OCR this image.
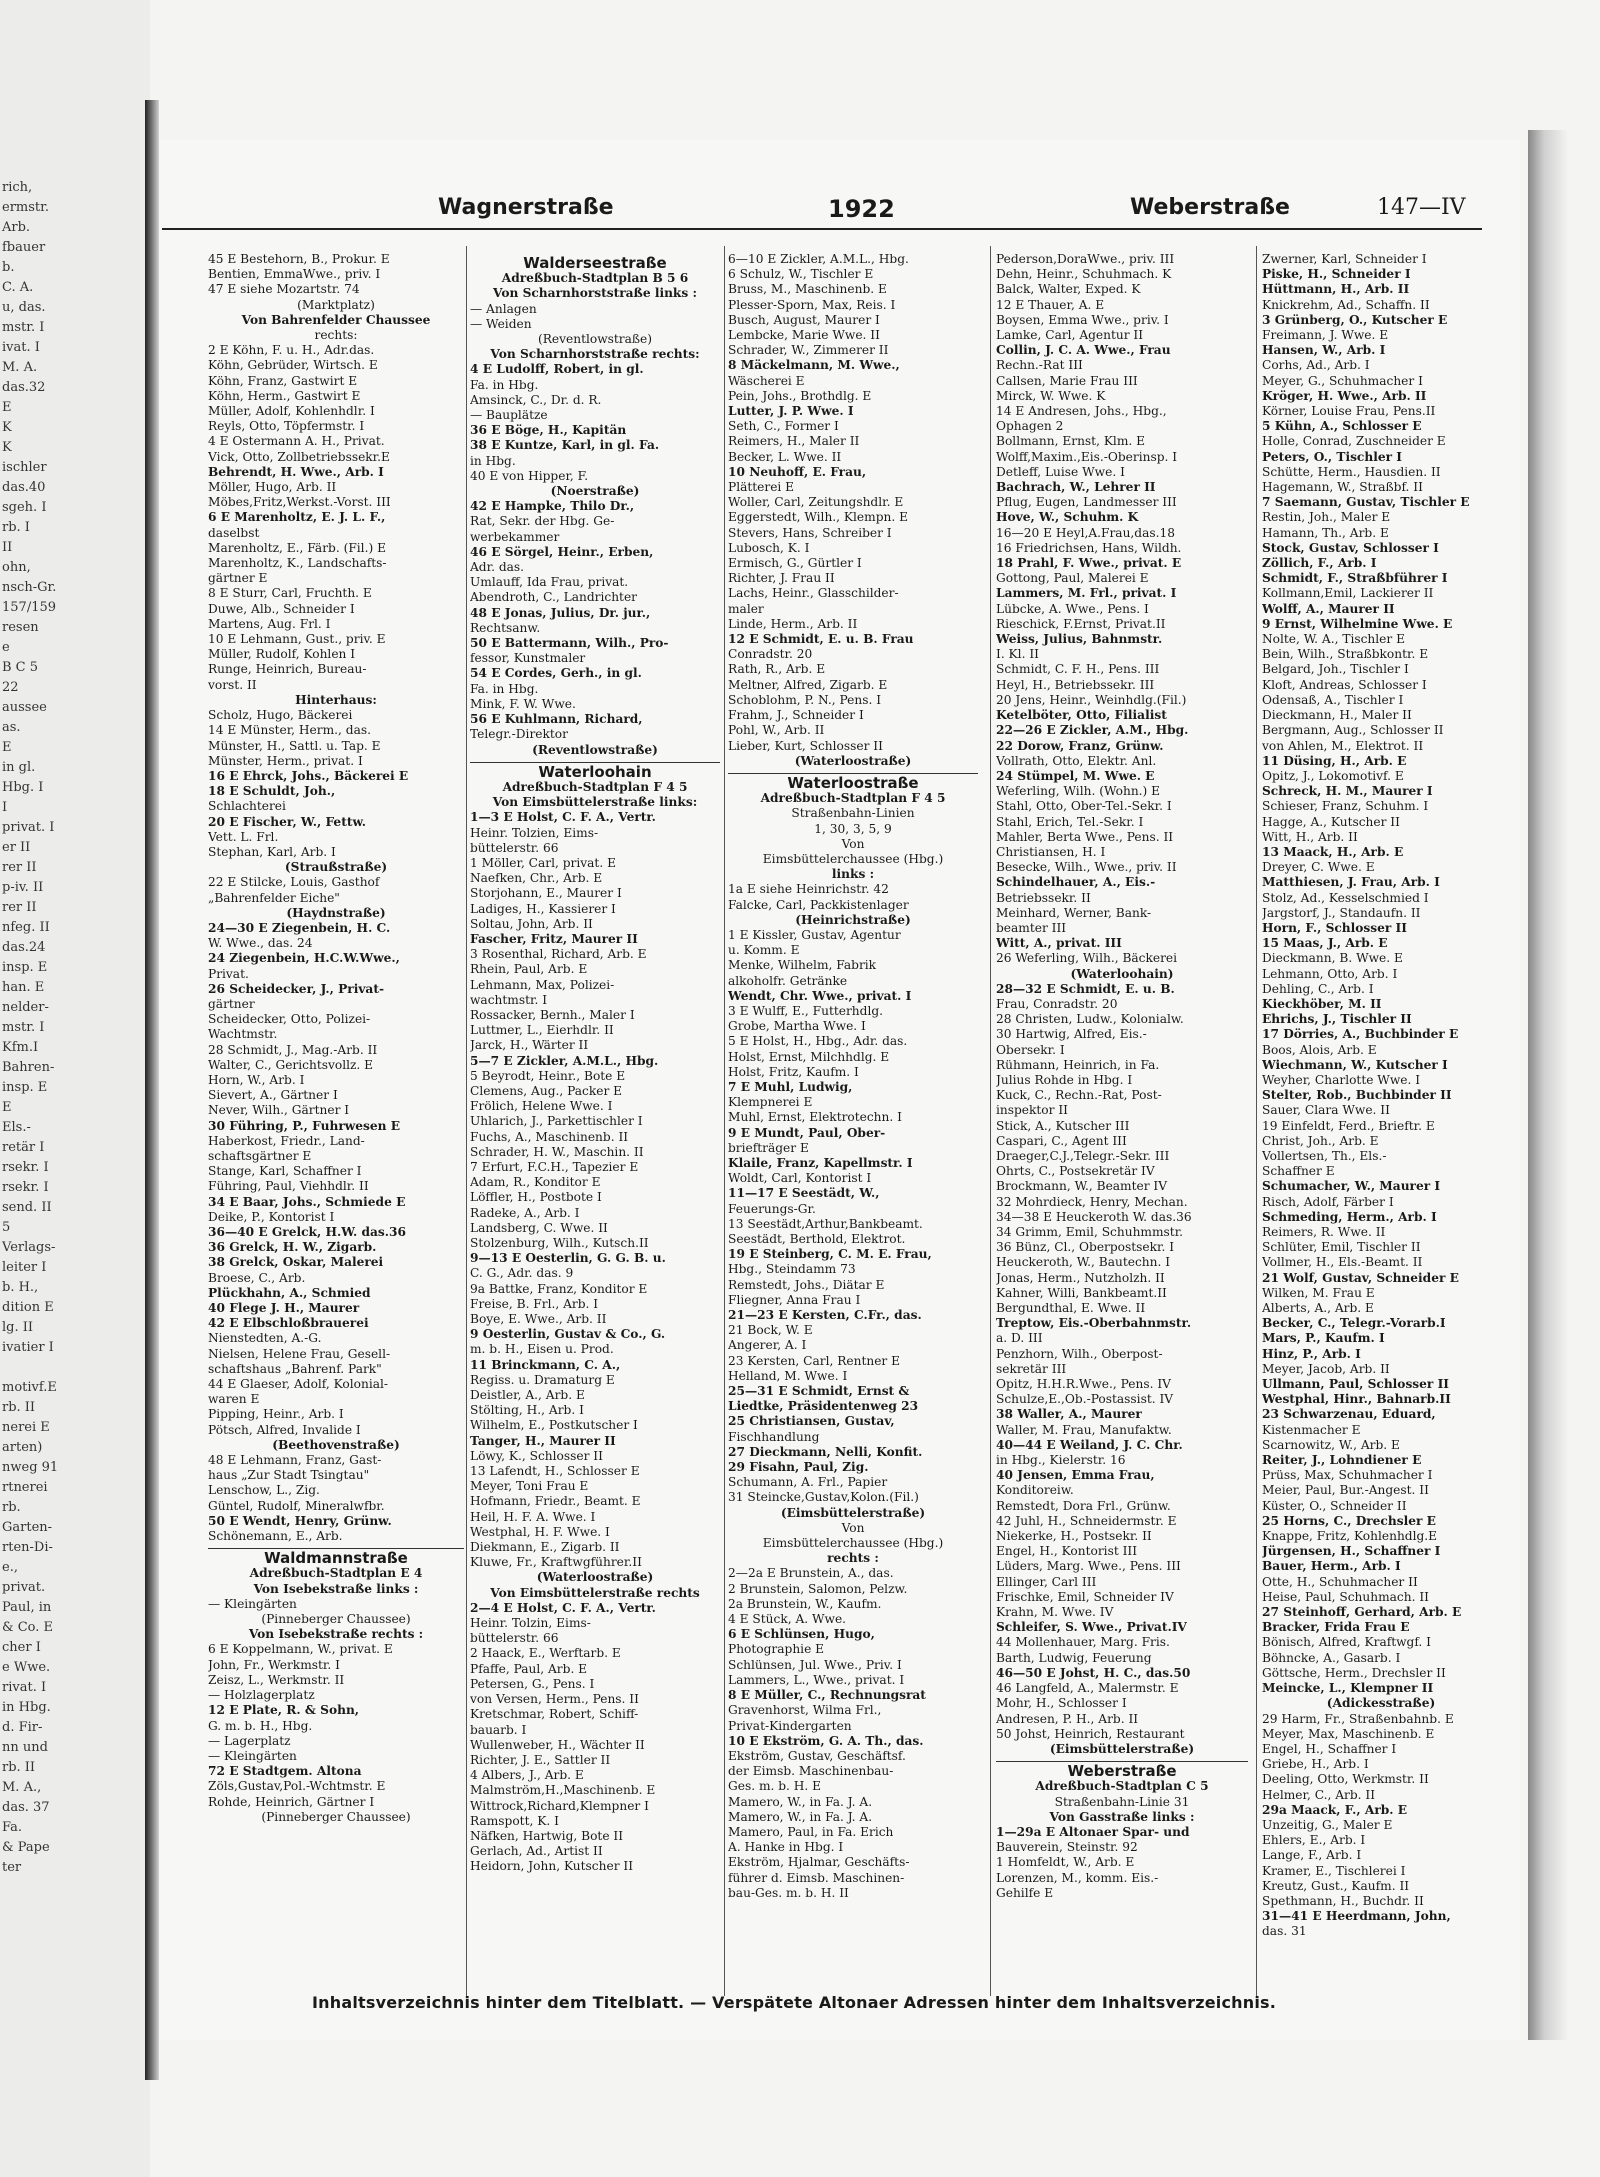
rich,
ermstr.
Arb.
fbauer
b.
C. A.
u, das.
mstr. I
ivat. I
M. A.
das.32
E
K
K
ischler
das.40
sgeh. I
rb. I
II
ohn,
nsch-Gr.
157/159
resen
e
B C 5
22
aussee
as.
E
in gl.
Hbg. I
I
privat. I
er II
rer II
p-iv. II
rer II
nfeg. II
das.24
insp. E
han. E
nelder-
mstr. I
Kfm.I
Bahren-
insp. E
E
Els.-
retär I
rsekr. I
rsekr. I
send. II
5
Verlags-
leiter I
b. H.,
dition E
lg. II
ivatier I
motivf.E
rb. II
nerei E
arten)
nweg 91
rtnerei
rb.
Garten-
rten-Di-
e.,
privat.
Paul, in
& Co. E
cher I
e Wwe.
rivat. I
in Hbg.
d. Fir-
nn und
rb. II
M. A.,
das. 37
Fa.
& Pape
ter
Wagnerstraße	1922	Weberstraße	147—IV
45 E Bestehorn, B., Prokur. E
Bentien, EmmaWwe., priv. I
47 E siehe Mozartstr. 74
(Marktplatz)
Von Bahrenfelder Chaussee
rechts:
2 E Köhn, F. u. H., Adr.das.
Köhn, Gebrüder, Wirtsch. E
Köhn, Franz, Gastwirt E
Köhn, Herm., Gastwirt E
Müller, Adolf, Kohlenhdlr. I
Reyls, Otto, Töpfermstr. I
4 E Ostermann A. H., Privat.
Vick, Otto, Zollbetriebssekr.E
Behrendt, H. Wwe., Arb. I
Möller, Hugo, Arb. II
Möbes,Fritz,Werkst.-Vorst. III
6 E Marenholtz, E. J. L. F.,
daselbst
Marenholtz, E., Färb. (Fil.) E
Marenholtz, K., Landschafts-
gärtner E
8 E Sturr, Carl, Fruchth. E
Duwe, Alb., Schneider I
Martens, Aug. Frl. I
10 E Lehmann, Gust., priv. E
Müller, Rudolf, Kohlen I
Runge, Heinrich, Bureau-
vorst. II
Hinterhaus:
Scholz, Hugo, Bäckerei
14 E Münster, Herm., das.
Münster, H., Sattl. u. Tap. E
Münster, Herm., privat. I
16 E Ehrck, Johs., Bäckerei E
18 E Schuldt, Joh.,
Schlachterei
20 E Fischer, W., Fettw.
Vett. L. Frl.
Stephan, Karl, Arb. I
(Straußstraße)
22 E Stilcke, Louis, Gasthof
„Bahrenfelder Eiche"
(Haydnstraße)
24—30 E Ziegenbein, H. C.
W. Wwe., das. 24
24 Ziegenbein, H.C.W.Wwe.,
Privat.
26 Scheidecker, J., Privat-
gärtner
Scheidecker, Otto, Polizei-
Wachtmstr.
28 Schmidt, J., Mag.-Arb. II
Walter, C., Gerichtsvollz. E
Horn, W., Arb. I
Sievert, A., Gärtner I
Never, Wilh., Gärtner I
30 Führing, P., Fuhrwesen E
Haberkost, Friedr., Land-
schaftsgärtner E
Stange, Karl, Schaffner I
Führing, Paul, Viehhdlr. II
34 E Baar, Johs., Schmiede E
Deike, P., Kontorist I
36—40 E Grelck, H.W. das.36
36 Grelck, H. W., Zigarb.
38 Grelck, Oskar, Malerei
Broese, C., Arb.
Plückhahn, A., Schmied
40 Flege J. H., Maurer
42 E Elbschloßbrauerei
Nienstedten, A.-G.
Nielsen, Helene Frau, Gesell-
schaftshaus „Bahrenf. Park"
44 E Glaeser, Adolf, Kolonial-
waren E
Pipping, Heinr., Arb. I
Pötsch, Alfred, Invalide I
(Beethovenstraße)
48 E Lehmann, Franz, Gast-
haus „Zur Stadt Tsingtau"
Lenschow, L., Zig.
Güntel, Rudolf, Mineralwfbr.
50 E Wendt, Henry, Grünw.
Schönemann, E., Arb.
Waldmannstraße
Adreßbuch-Stadtplan E 4
Von Isebekstraße links :
— Kleingärten
(Pinneberger Chaussee)
Von Isebekstraße rechts :
6 E Koppelmann, W., privat. E
John, Fr., Werkmstr. I
Zeisz, L., Werkmstr. II
— Holzlagerplatz
12 E Plate, R. & Sohn,
G. m. b. H., Hbg.
— Lagerplatz
— Kleingärten
72 E Stadtgem. Altona
Zöls,Gustav,Pol.-Wchtmstr. E
Rohde, Heinrich, Gärtner I
(Pinneberger Chaussee)
Walderseestraße
Adreßbuch-Stadtplan B 5 6
Von Scharnhorststraße links :
— Anlagen
— Weiden
(Reventlowstraße)
Von Scharnhorststraße rechts:
4 E Ludolff, Robert, in gl.
Fa. in Hbg.
Amsinck, C., Dr. d. R.
— Bauplätze
36 E Böge, H., Kapitän
38 E Kuntze, Karl, in gl. Fa.
in Hbg.
40 E von Hipper, F.
(Noerstraße)
42 E Hampke, Thilo Dr.,
Rat, Sekr. der Hbg. Ge-
werbekammer
46 E Sörgel, Heinr., Erben,
Adr. das.
Umlauff, Ida Frau, privat.
Abendroth, C., Landrichter
48 E Jonas, Julius, Dr. jur.,
Rechtsanw.
50 E Battermann, Wilh., Pro-
fessor, Kunstmaler
54 E Cordes, Gerh., in gl.
Fa. in Hbg.
Mink, F. W. Wwe.
56 E Kuhlmann, Richard,
Telegr.-Direktor
(Reventlowstraße)
Waterloohain
Adreßbuch-Stadtplan F 4 5
Von Eimsbüttelerstraße links:
1—3 E Holst, C. F. A., Vertr.
Heinr. Tolzien, Eims-
büttelerstr. 66
1 Möller, Carl, privat. E
Naefken, Chr., Arb. E
Storjohann, E., Maurer I
Ladiges, H., Kassierer I
Soltau, John, Arb. II
Fascher, Fritz, Maurer II
3 Rosenthal, Richard, Arb. E
Rhein, Paul, Arb. E
Lehmann, Max, Polizei-
wachtmstr. I
Rossacker, Bernh., Maler I
Luttmer, L., Eierhdlr. II
Jarck, H., Wärter II
5—7 E Zickler, A.M.L., Hbg.
5 Beyrodt, Heinr., Bote E
Clemens, Aug., Packer E
Frölich, Helene Wwe. I
Uhlarich, J., Parkettischler I
Fuchs, A., Maschinenb. II
Schrader, H. W., Maschin. II
7 Erfurt, F.C.H., Tapezier E
Adam, R., Konditor E
Löffler, H., Postbote I
Radeke, A., Arb. I
Landsberg, C. Wwe. II
Stolzenburg, Wilh., Kutsch.II
9—13 E Oesterlin, G. G. B. u.
C. G., Adr. das. 9
9a Battke, Franz, Konditor E
Freise, B. Frl., Arb. I
Boye, E. Wwe., Arb. II
9 Oesterlin, Gustav & Co., G.
m. b. H., Eisen u. Prod.
11 Brinckmann, C. A.,
Regiss. u. Dramaturg E
Deistler, A., Arb. E
Stölting, H., Arb. I
Wilhelm, E., Postkutscher I
Tanger, H., Maurer II
Löwy, K., Schlosser II
13 Lafendt, H., Schlosser E
Meyer, Toni Frau E
Hofmann, Friedr., Beamt. E
Heil, H. F. A. Wwe. I
Westphal, H. F. Wwe. I
Diekmann, E., Zigarb. II
Kluwe, Fr., Kraftwgführer.II
(Waterloostraße)
Von Eimsbüttelerstraße rechts
2—4 E Holst, C. F. A., Vertr.
Heinr. Tolzin, Eims-
büttelerstr. 66
2 Haack, E., Werftarb. E
Pfaffe, Paul, Arb. E
Petersen, G., Pens. I
von Versen, Herm., Pens. II
Kretschmar, Robert, Schiff-
bauarb. I
Wullenweber, H., Wächter II
Richter, J. E., Sattler II
4 Albers, J., Arb. E
Malmström,H.,Maschinenb. E
Wittrock,Richard,Klempner I
Ramspott, K. I
Näfken, Hartwig, Bote II
Gerlach, Ad., Artist II
Heidorn, John, Kutscher II
6—10 E Zickler, A.M.L., Hbg.
6 Schulz, W., Tischler E
Bruss, M., Maschinenb. E
Plesser-Sporn, Max, Reis. I
Busch, August, Maurer I
Lembcke, Marie Wwe. II
Schrader, W., Zimmerer II
8 Mäckelmann, M. Wwe.,
Wäscherei E
Pein, Johs., Brothdlg. E
Lutter, J. P. Wwe. I
Seth, C., Former I
Reimers, H., Maler II
Becker, L. Wwe. II
10 Neuhoff, E. Frau,
Plätterei E
Woller, Carl, Zeitungshdlr. E
Eggerstedt, Wilh., Klempn. E
Stevers, Hans, Schreiber I
Lubosch, K. I
Ermisch, G., Gürtler I
Richter, J. Frau II
Lachs, Heinr., Glasschilder-
maler
Linde, Herm., Arb. II
12 E Schmidt, E. u. B. Frau
Conradstr. 20
Rath, R., Arb. E
Meltner, Alfred, Zigarb. E
Schoblohm, P. N., Pens. I
Frahm, J., Schneider I
Pohl, W., Arb. II
Lieber, Kurt, Schlosser II
(Waterloostraße)
Waterloostraße
Adreßbuch-Stadtplan F 4 5
Straßenbahn-Linien
1, 30, 3, 5, 9
Von
Eimsbüttelerchaussee (Hbg.)
links :
1a E siehe Heinrichstr. 42
Falcke, Carl, Packkistenlager
(Heinrichstraße)
1 E Kissler, Gustav, Agentur
u. Komm. E
Menke, Wilhelm, Fabrik
alkoholfr. Getränke
Wendt, Chr. Wwe., privat. I
3 E Wulff, E., Futterhdlg.
Grobe, Martha Wwe. I
5 E Holst, H., Hbg., Adr. das.
Holst, Ernst, Milchhdlg. E
Holst, Fritz, Kaufm. I
7 E Muhl, Ludwig,
Klempnerei E
Muhl, Ernst, Elektrotechn. I
9 E Mundt, Paul, Ober-
briefträger E
Klaile, Franz, Kapellmstr. I
Woldt, Carl, Kontorist I
11—17 E Seestädt, W.,
Feuerungs-Gr.
13 Seestädt,Arthur,Bankbeamt.
Seestädt, Berthold, Elektrot.
19 E Steinberg, C. M. E. Frau,
Hbg., Steindamm 73
Remstedt, Johs., Diätar E
Fliegner, Anna Frau I
21—23 E Kersten, C.Fr., das.
21 Bock, W. E
Angerer, A. I
23 Kersten, Carl, Rentner E
Helland, M. Wwe. I
25—31 E Schmidt, Ernst &
Liedtke, Präsidentenweg 23
25 Christiansen, Gustav,
Fischhandlung
27 Dieckmann, Nelli, Konfit.
29 Fisahn, Paul, Zig.
Schumann, A. Frl., Papier
31 Steincke,Gustav,Kolon.(Fil.)
(Eimsbüttelerstraße)
Von
Eimsbüttelerchaussee (Hbg.)
rechts :
2—2a E Brunstein, A., das.
2 Brunstein, Salomon, Pelzw.
2a Brunstein, W., Kaufm.
4 E Stück, A. Wwe.
6 E Schlünsen, Hugo,
Photographie E
Schlünsen, Jul. Wwe., Priv. I
Lammers, L., Wwe., privat. I
8 E Müller, C., Rechnungsrat
Gravenhorst, Wilma Frl.,
Privat-Kindergarten
10 E Ekström, G. A. Th., das.
Ekström, Gustav, Geschäftsf.
der Eimsb. Maschinenbau-
Ges. m. b. H. E
Mamero, W., in Fa. J. A.
Mamero, W., in Fa. J. A.
Mamero, Paul, in Fa. Erich
A. Hanke in Hbg. I
Ekström, Hjalmar, Geschäfts-
führer d. Eimsb. Maschinen-
bau-Ges. m. b. H. II
Pederson,DoraWwe., priv. III
Dehn, Heinr., Schuhmach. K
Balck, Walter, Exped. K
12 E Thauer, A. E
Boysen, Emma Wwe., priv. I
Lamke, Carl, Agentur II
Collin, J. C. A. Wwe., Frau
Rechn.-Rat III
Callsen, Marie Frau III
Mirck, W. Wwe. K
14 E Andresen, Johs., Hbg.,
Ophagen 2
Bollmann, Ernst, Klm. E
Wolff,Maxim.,Eis.-Oberinsp. I
Detleff, Luise Wwe. I
Bachrach, W., Lehrer II
Pflug, Eugen, Landmesser III
Hove, W., Schuhm. K
16—20 E Heyl,A.Frau,das.18
16 Friedrichsen, Hans, Wildh.
18 Prahl, F. Wwe., privat. E
Gottong, Paul, Malerei E
Lammers, M. Frl., privat. I
Lübcke, A. Wwe., Pens. I
Rieschick, F.Ernst, Privat.II
Weiss, Julius, Bahnmstr.
I. Kl. II
Schmidt, C. F. H., Pens. III
Heyl, H., Betriebssekr. III
20 Jens, Heinr., Weinhdlg.(Fil.)
Ketelböter, Otto, Filialist
22—26 E Zickler, A.M., Hbg.
22 Dorow, Franz, Grünw.
Vollrath, Otto, Elektr. Anl.
24 Stümpel, M. Wwe. E
Weferling, Wilh. (Wohn.) E
Stahl, Otto, Ober-Tel.-Sekr. I
Stahl, Erich, Tel.-Sekr. I
Mahler, Berta Wwe., Pens. II
Christiansen, H. I
Besecke, Wilh., Wwe., priv. II
Schindelhauer, A., Eis.-
Betriebssekr. II
Meinhard, Werner, Bank-
beamter III
Witt, A., privat. III
26 Weferling, Wilh., Bäckerei
(Waterloohain)
28—32 E Schmidt, E. u. B.
Frau, Conradstr. 20
28 Christen, Ludw., Kolonialw.
30 Hartwig, Alfred, Eis.-
Obersekr. I
Rühmann, Heinrich, in Fa.
Julius Rohde in Hbg. I
Kuck, C., Rechn.-Rat, Post-
inspektor II
Stick, A., Kutscher III
Caspari, C., Agent III
Draeger,C.J.,Telegr.-Sekr. III
Ohrts, C., Postsekretär IV
Brockmann, W., Beamter IV
32 Mohrdieck, Henry, Mechan.
34—38 E Heuckeroth W. das.36
34 Grimm, Emil, Schuhmmstr.
36 Bünz, Cl., Oberpostsekr. I
Heuckeroth, W., Bautechn. I
Jonas, Herm., Nutzholzh. II
Kahner, Willi, Bankbeamt.II
Bergundthal, E. Wwe. II
Treptow, Eis.-Oberbahnmstr.
a. D. III
Penzhorn, Wilh., Oberpost-
sekretär III
Opitz, H.H.R.Wwe., Pens. IV
Schulze,E.,Ob.-Postassist. IV
38 Waller, A., Maurer
Waller, M. Frau, Manufaktw.
40—44 E Weiland, J. C. Chr.
in Hbg., Kielerstr. 16
40 Jensen, Emma Frau,
Konditoreiw.
Remstedt, Dora Frl., Grünw.
42 Juhl, H., Schneidermstr. E
Niekerke, H., Postsekr. II
Engel, H., Kontorist III
Lüders, Marg. Wwe., Pens. III
Ellinger, Carl III
Frischke, Emil, Schneider IV
Krahn, M. Wwe. IV
Schleifer, S. Wwe., Privat.IV
44 Mollenhauer, Marg. Fris.
Barth, Ludwig, Feuerung
46—50 E Johst, H. C., das.50
46 Langfeld, A., Malermstr. E
Mohr, H., Schlosser I
Andresen, P. H., Arb. II
50 Johst, Heinrich, Restaurant
(Eimsbüttelerstraße)
Weberstraße
Adreßbuch-Stadtplan C 5
Straßenbahn-Linie 31
Von Gasstraße links :
1—29a E Altonaer Spar- und
Bauverein, Steinstr. 92
1 Homfeldt, W., Arb. E
Lorenzen, M., komm. Eis.-
Gehilfe E
Zwerner, Karl, Schneider I
Piske, H., Schneider I
Hüttmann, H., Arb. II
Knickrehm, Ad., Schaffn. II
3 Grünberg, O., Kutscher E
Freimann, J. Wwe. E
Hansen, W., Arb. I
Corhs, Ad., Arb. I
Meyer, G., Schuhmacher I
Kröger, H. Wwe., Arb. II
Körner, Louise Frau, Pens.II
5 Kühn, A., Schlosser E
Holle, Conrad, Zuschneider E
Peters, O., Tischler I
Schütte, Herm., Hausdien. II
Hagemann, W., Straßbf. II
7 Saemann, Gustav, Tischler E
Restin, Joh., Maler E
Hamann, Th., Arb. E
Stock, Gustav, Schlosser I
Zöllich, F., Arb. I
Schmidt, F., Straßbführer I
Kollmann,Emil, Lackierer II
Wolff, A., Maurer II
9 Ernst, Wilhelmine Wwe. E
Nolte, W. A., Tischler E
Bein, Wilh., Straßbkontr. E
Belgard, Joh., Tischler I
Kloft, Andreas, Schlosser I
Odensaß, A., Tischler I
Dieckmann, H., Maler II
Bergmann, Aug., Schlosser II
von Ahlen, M., Elektrot. II
11 Düsing, H., Arb. E
Opitz, J., Lokomotivf. E
Schreck, H. M., Maurer I
Schieser, Franz, Schuhm. I
Hagge, A., Kutscher II
Witt, H., Arb. II
13 Maack, H., Arb. E
Dreyer, C. Wwe. E
Matthiesen, J. Frau, Arb. I
Stolz, Ad., Kesselschmied I
Jargstorf, J., Standaufn. II
Horn, F., Schlosser II
15 Maas, J., Arb. E
Dieckmann, B. Wwe. E
Lehmann, Otto, Arb. I
Dehling, C., Arb. I
Kieckhöber, M. II
Ehrichs, J., Tischler II
17 Dörries, A., Buchbinder E
Boos, Alois, Arb. E
Wiechmann, W., Kutscher I
Weyher, Charlotte Wwe. I
Stelter, Rob., Buchbinder II
Sauer, Clara Wwe. II
19 Einfeldt, Ferd., Brieftr. E
Christ, Joh., Arb. E
Vollertsen, Th., Els.-
Schaffner E
Schumacher, W., Maurer I
Risch, Adolf, Färber I
Schmeding, Herm., Arb. I
Reimers, R. Wwe. II
Schlüter, Emil, Tischler II
Vollmer, H., Els.-Beamt. II
21 Wolf, Gustav, Schneider E
Wilken, M. Frau E
Alberts, A., Arb. E
Becker, C., Telegr.-Vorarb.I
Mars, P., Kaufm. I
Hinz, P., Arb. I
Meyer, Jacob, Arb. II
Ullmann, Paul, Schlosser II
Westphal, Hinr., Bahnarb.II
23 Schwarzenau, Eduard,
Kistenmacher E
Scarnowitz, W., Arb. E
Reiter, J., Lohndiener E
Prüss, Max, Schuhmacher I
Meier, Paul, Bur.-Angest. II
Küster, O., Schneider II
25 Horns, C., Drechsler E
Knappe, Fritz, Kohlenhdlg.E
Jürgensen, H., Schaffner I
Bauer, Herm., Arb. I
Otte, H., Schuhmacher II
Heise, Paul, Schuhmach. II
27 Steinhoff, Gerhard, Arb. E
Bracker, Frida Frau E
Bönisch, Alfred, Kraftwgf. I
Böhncke, A., Gasarb. I
Göttsche, Herm., Drechsler II
Meincke, L., Klempner II
(Adickesstraße)
29 Harm, Fr., Straßenbahnb. E
Meyer, Max, Maschinenb. E
Engel, H., Schaffner I
Griebe, H., Arb. I
Deeling, Otto, Werkmstr. II
Helmer, C., Arb. II
29a Maack, F., Arb. E
Unzeitig, G., Maler E
Ehlers, E., Arb. I
Lange, F., Arb. I
Kramer, E., Tischlerei I
Kreutz, Gust., Kaufm. II
Spethmann, H., Buchdr. II
31—41 E Heerdmann, John,
das. 31
Inhaltsverzeichnis hinter dem Titelblatt. — Verspätete Altonaer Adressen hinter dem Inhaltsverzeichnis.
